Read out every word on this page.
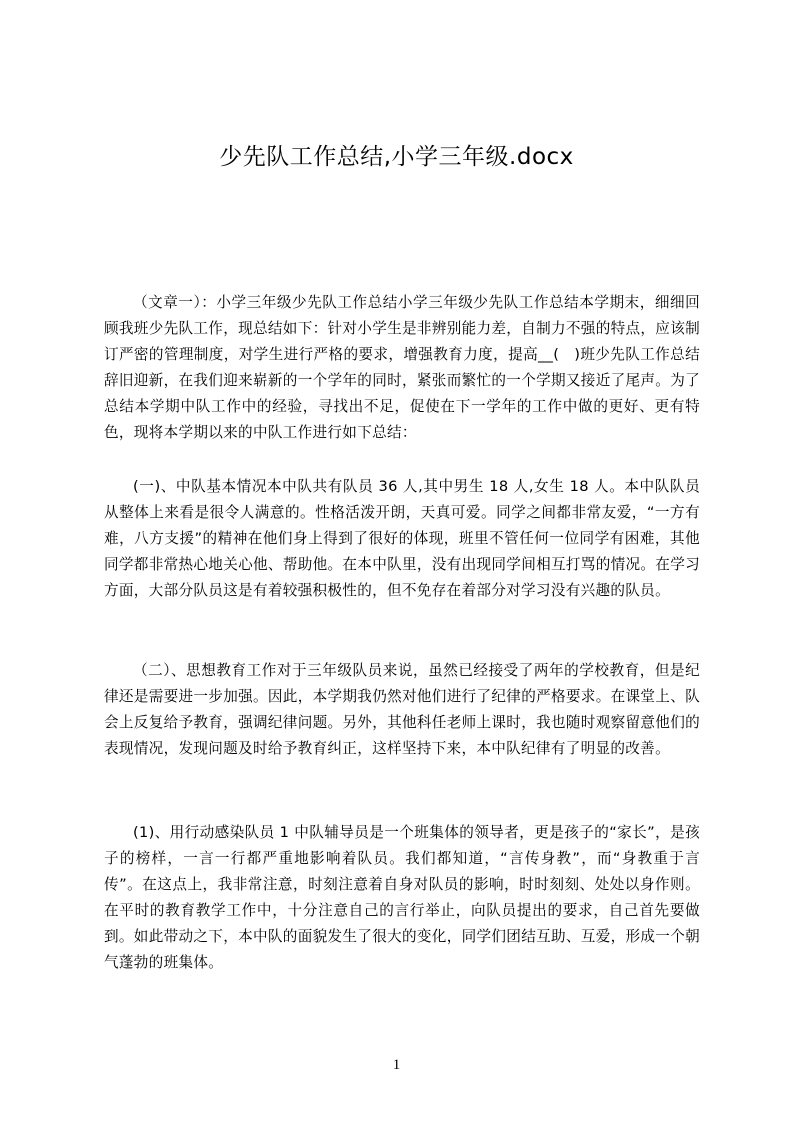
少先队工作总结,小学三年级.docx

（文章一）：小学三年级少先队工作总结小学三年级少先队工作总结本学期末，细细回顾我班少先队工作，现总结如下：针对小学生是非辨别能力差，自制力不强的特点，应该制订严密的管理制度，对学生进行严格的要求，增强教育力度，提高__(　)班少先队工作总结辞旧迎新，在我们迎来崭新的一个学年的同时，紧张而繁忙的一个学期又接近了尾声。为了总结本学期中队工作中的经验，寻找出不足，促使在下一学年的工作中做的更好、更有特色，现将本学期以来的中队工作进行如下总结：

(一)、中队基本情况本中队共有队员 36 人,其中男生 18 人,女生 18 人。本中队队员从整体上来看是很令人满意的。性格活泼开朗，天真可爱。同学之间都非常友爱，“一方有难，八方支援”的精神在他们身上得到了很好的体现，班里不管任何一位同学有困难，其他同学都非常热心地关心他、帮助他。在本中队里，没有出现同学间相互打骂的情况。在学习方面，大部分队员这是有着较强积极性的，但不免存在着部分对学习没有兴趣的队员。

（二）、思想教育工作对于三年级队员来说，虽然已经接受了两年的学校教育，但是纪律还是需要进一步加强。因此，本学期我仍然对他们进行了纪律的严格要求。在课堂上、队会上反复给予教育，强调纪律问题。另外，其他科任老师上课时，我也随时观察留意他们的表现情况，发现问题及时给予教育纠正，这样坚持下来，本中队纪律有了明显的改善。

(1)、用行动感染队员 1 中队辅导员是一个班集体的领导者，更是孩子的“家长”，是孩子的榜样，一言一行都严重地影响着队员。我们都知道，“言传身教”，而“身教重于言传”。在这点上，我非常注意，时刻注意着自身对队员的影响，时时刻刻、处处以身作则。在平时的教育教学工作中，十分注意自己的言行举止，向队员提出的要求，自己首先要做到。如此带动之下，本中队的面貌发生了很大的变化，同学们团结互助、互爱，形成一个朝气蓬勃的班集体。

1
